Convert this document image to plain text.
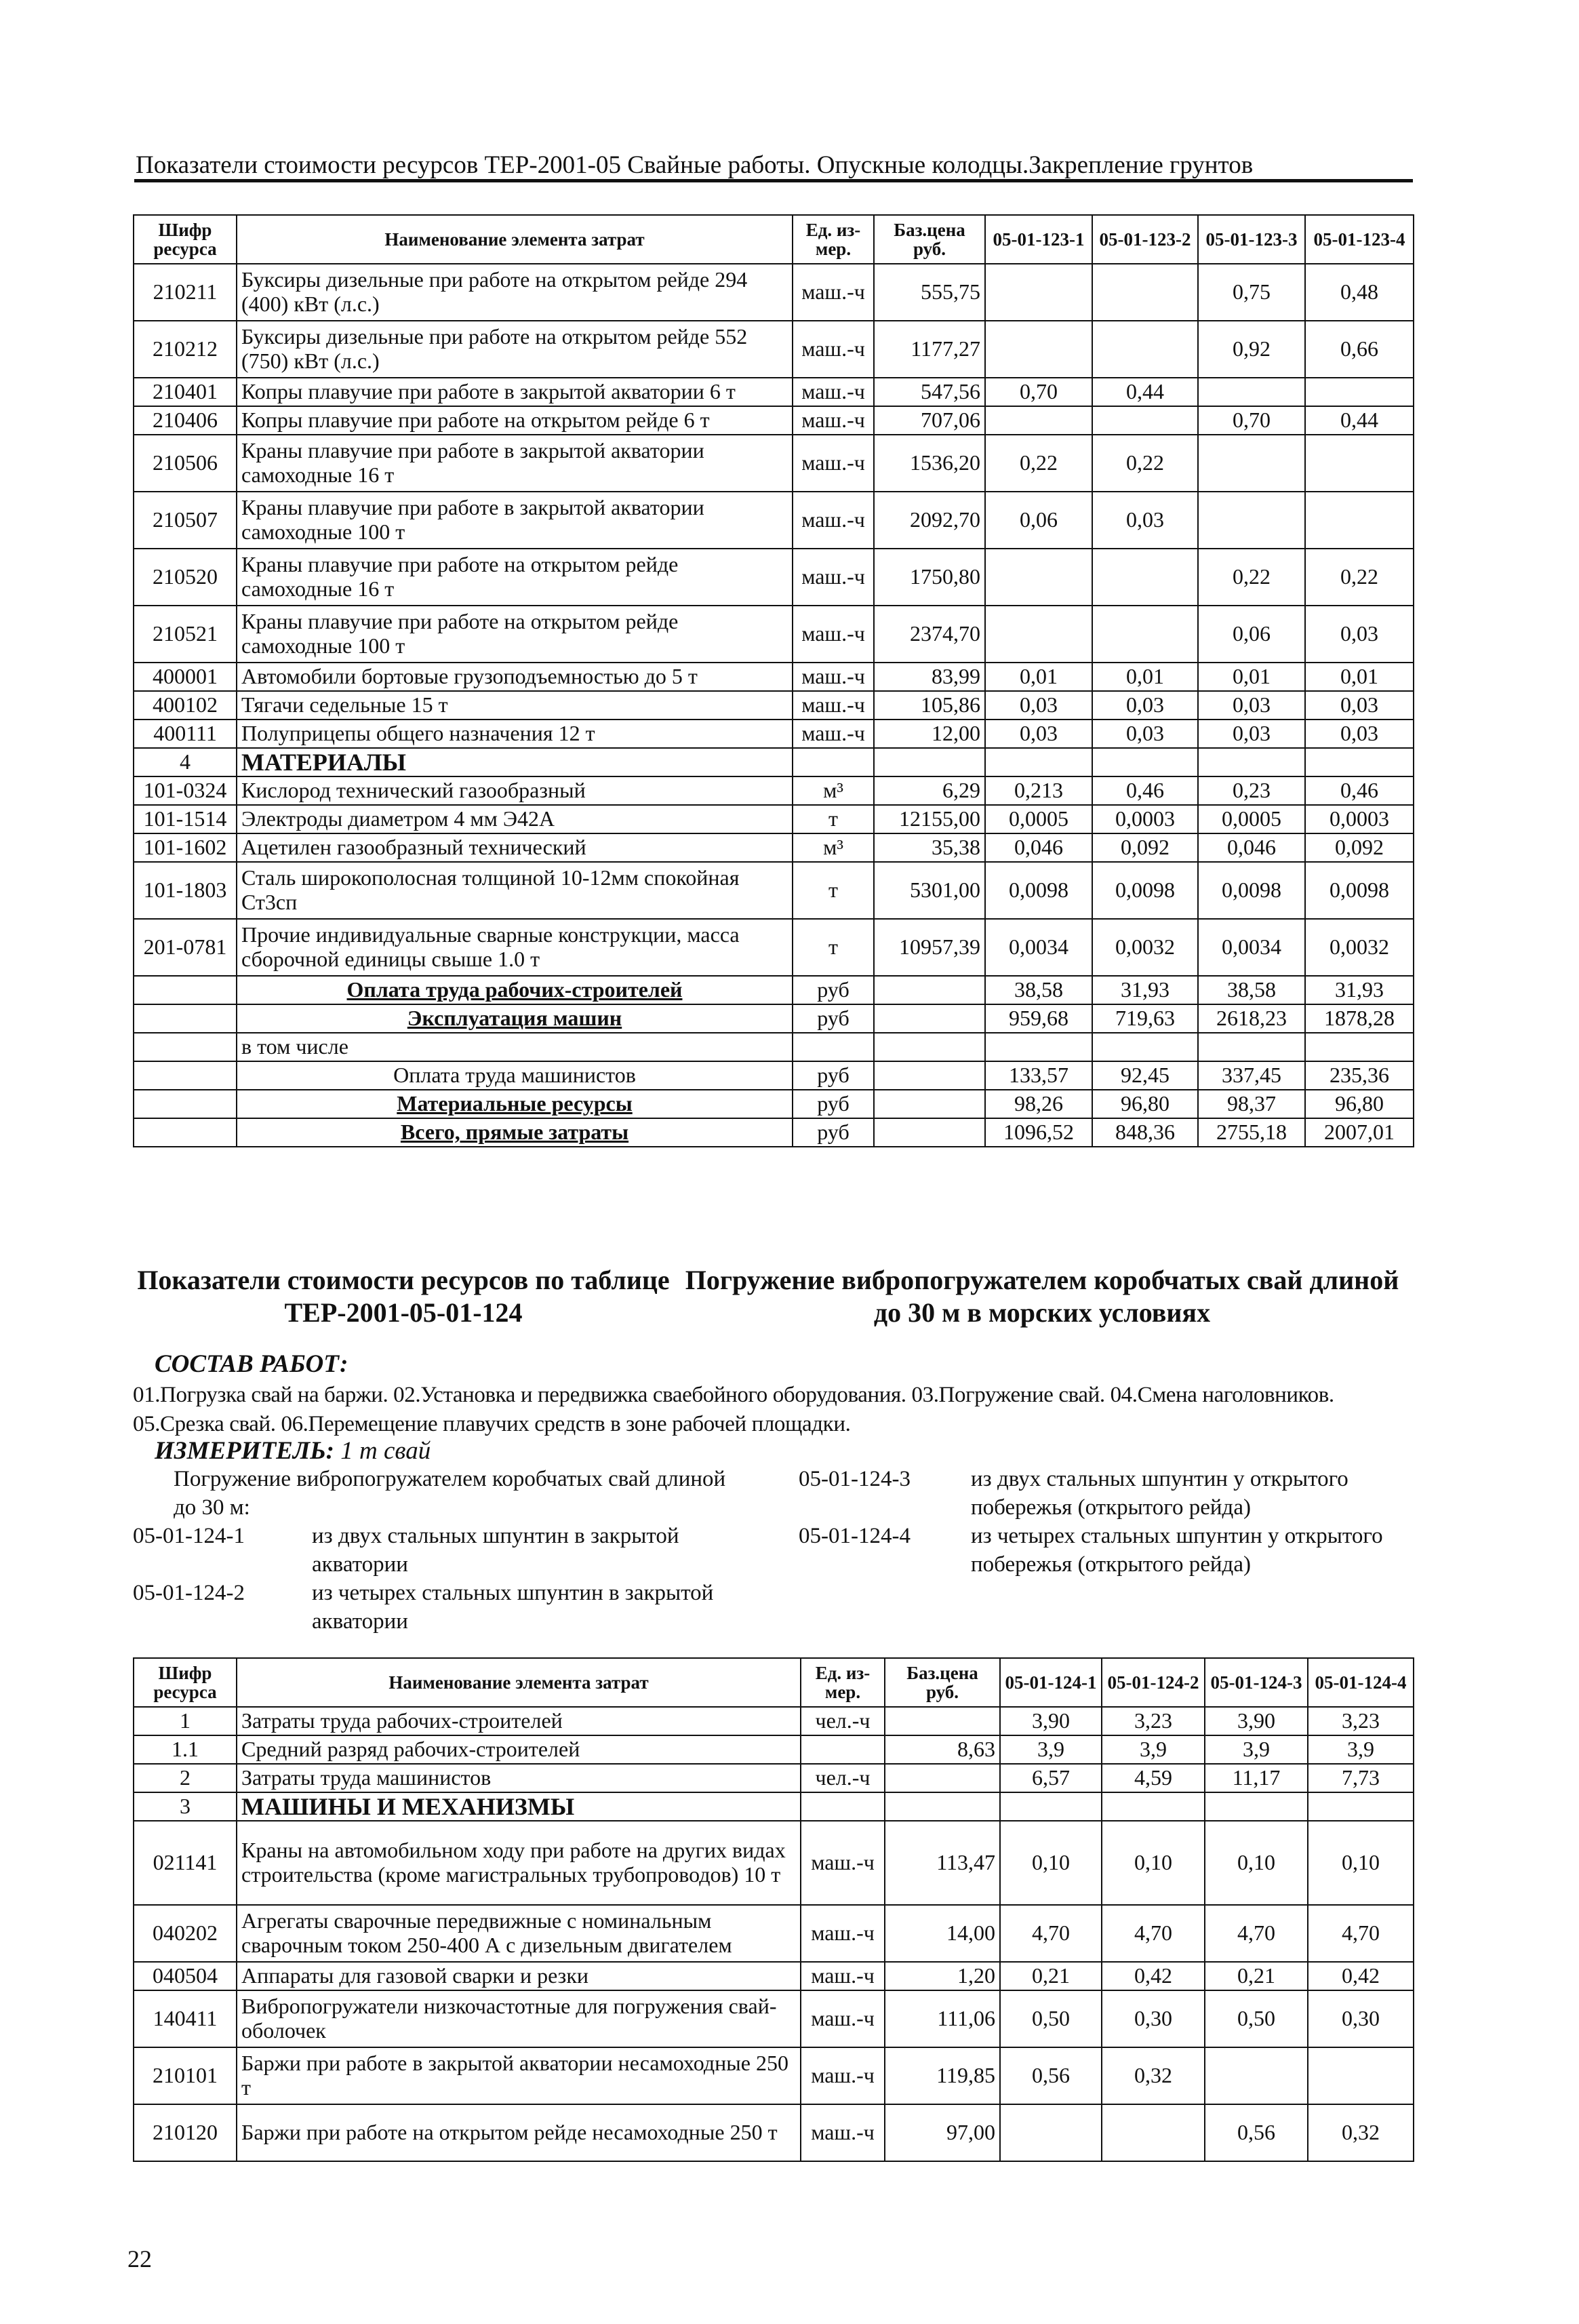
Показатели стоимости ресурсов ТЕР-2001-05 Свайные работы. Опускные колодцы.Закрепление грунтов
Шифр ресурса	Наименование элемента затрат	Ед. из-мер.	Баз.цена руб.	05-01-123-1	05-01-123-2	05-01-123-3	05-01-123-4
210211	Буксиры дизельные при работе на открытом рейде 294 (400) кВт (л.с.)	маш.-ч	555,75			0,75	0,48
210212	Буксиры дизельные при работе на открытом рейде 552 (750) кВт (л.с.)	маш.-ч	1177,27			0,92	0,66
210401	Копры плавучие при работе в закрытой акватории 6 т	маш.-ч	547,56	0,70	0,44		
210406	Копры плавучие при работе на открытом рейде 6 т	маш.-ч	707,06			0,70	0,44
210506	Краны плавучие при работе в закрытой акватории самоходные 16 т	маш.-ч	1536,20	0,22	0,22		
210507	Краны плавучие при работе в закрытой акватории самоходные 100 т	маш.-ч	2092,70	0,06	0,03		
210520	Краны плавучие при работе на открытом рейде самоходные 16 т	маш.-ч	1750,80			0,22	0,22
210521	Краны плавучие при работе на открытом рейде самоходные 100 т	маш.-ч	2374,70			0,06	0,03
400001	Автомобили бортовые грузоподъемностью до 5 т	маш.-ч	83,99	0,01	0,01	0,01	0,01
400102	Тягачи седельные 15 т	маш.-ч	105,86	0,03	0,03	0,03	0,03
400111	Полуприцепы общего назначения 12 т	маш.-ч	12,00	0,03	0,03	0,03	0,03
4	МАТЕРИАЛЫ						
101-0324	Кислород технический газообразный	м³	6,29	0,213	0,46	0,23	0,46
101-1514	Электроды диаметром 4 мм Э42А	т	12155,00	0,0005	0,0003	0,0005	0,0003
101-1602	Ацетилен газообразный технический	м³	35,38	0,046	0,092	0,046	0,092
101-1803	Сталь широкополосная толщиной 10-12мм спокойная Ст3сп	т	5301,00	0,0098	0,0098	0,0098	0,0098
201-0781	Прочие индивидуальные сварные конструкции, масса сборочной единицы свыше 1.0 т	т	10957,39	0,0034	0,0032	0,0034	0,0032
	Оплата труда рабочих-строителей	руб		38,58	31,93	38,58	31,93
	Эксплуатация машин	руб		959,68	719,63	2618,23	1878,28
	в том числе						
	Оплата труда машинистов	руб		133,57	92,45	337,45	235,36
	Материальные ресурсы	руб		98,26	96,80	98,37	96,80
	Всего, прямые затраты	руб		1096,52	848,36	2755,18	2007,01
Показатели стоимости ресурсов по таблице ТЕР-2001-05-01-124
Погружение вибропогружателем коробчатых свай длиной до 30 м в морских условиях
СОСТАВ РАБОТ:
01.Погрузка свай на баржи. 02.Установка и передвижка сваебойного оборудования. 03.Погружение свай. 04.Смена наголовников. 05.Срезка свай. 06.Перемещение плавучих средств в зоне рабочей площадки.
ИЗМЕРИТЕЛЬ: 1 т свай
Погружение вибропогружателем коробчатых свай длиной до 30 м:
05-01-124-1	из двух стальных шпунтин в закрытой акватории
05-01-124-2	из четырех стальных шпунтин в закрытой акватории
05-01-124-3	из двух стальных шпунтин у открытого побережья (открытого рейда)
05-01-124-4	из четырех стальных шпунтин у открытого побережья (открытого рейда)
Шифр ресурса	Наименование элемента затрат	Ед. из-мер.	Баз.цена руб.	05-01-124-1	05-01-124-2	05-01-124-3	05-01-124-4
1	Затраты труда рабочих-строителей	чел.-ч		3,90	3,23	3,90	3,23
1.1	Средний разряд рабочих-строителей		8,63	3,9	3,9	3,9	3,9
2	Затраты труда машинистов	чел.-ч		6,57	4,59	11,17	7,73
3	МАШИНЫ И МЕХАНИЗМЫ						
021141	Краны на автомобильном ходу при работе на других видах строительства (кроме магистральных трубопроводов) 10 т	маш.-ч	113,47	0,10	0,10	0,10	0,10
040202	Агрегаты сварочные передвижные с номинальным сварочным током 250-400 А с дизельным двигателем	маш.-ч	14,00	4,70	4,70	4,70	4,70
040504	Аппараты для газовой сварки и резки	маш.-ч	1,20	0,21	0,42	0,21	0,42
140411	Вибропогружатели низкочастотные для погружения свай-оболочек	маш.-ч	111,06	0,50	0,30	0,50	0,30
210101	Баржи при работе в закрытой акватории несамоходные 250 т	маш.-ч	119,85	0,56	0,32		
210120	Баржи при работе на открытом рейде несамоходные 250 т	маш.-ч	97,00			0,56	0,32
22
